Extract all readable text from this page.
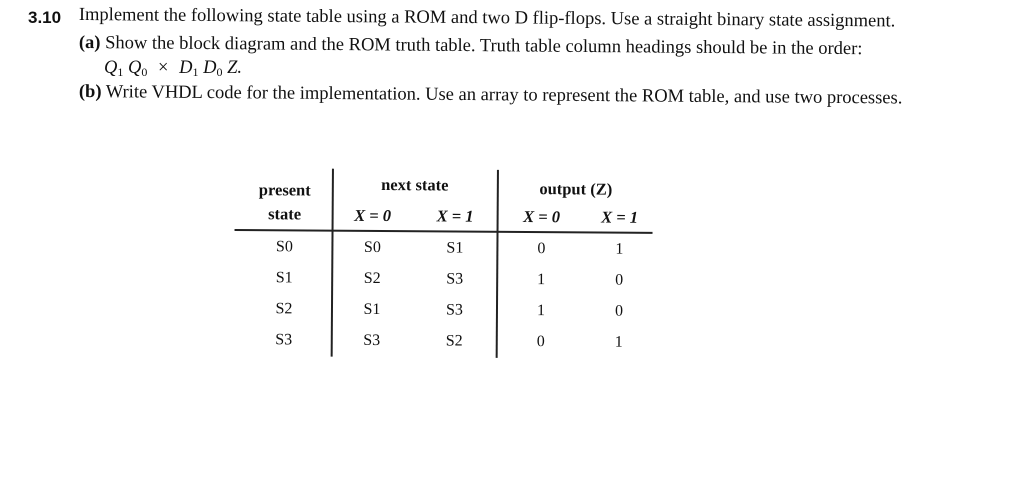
3.10 Implement the following state table using a ROM and two D flip-flops. Use a straight binary state assignment.
(a) Show the block diagram and the ROM truth table. Truth table column headings should be in the order:
$Q_1$ $Q_0 \times D_1$ $D_0$ Z.
(b) Write VHDL code for the implementation. Use an array to represent the ROM table, and use two processes.
present
state
next state	output (Z)
X = 0	X = 1	X = 0	X = 1
S0	S0	S1	0	1
S1	S2	S3	1	0
S2	S1	S3	1	0
S3	S3	S2	0	1
